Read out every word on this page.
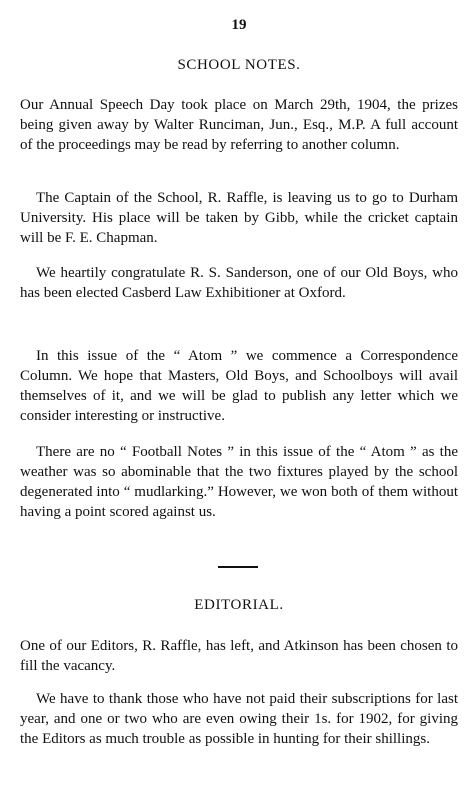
19
SCHOOL NOTES.

Our Annual Speech Day took place on March 29th, 1904, the prizes being given away by Walter Runciman, Jun., Esq., M.P. A full account of the proceedings may be read by referring to another column.

The Captain of the School, R. Raffle, is leaving us to go to Durham University. His place will be taken by Gibb, while the cricket captain will be F. E. Chapman.

We heartily congratulate R. S. Sanderson, one of our Old Boys, who has been elected Casberd Law Exhibitioner at Oxford.

In this issue of the “ Atom ” we commence a Correspondence Column. We hope that Masters, Old Boys, and Schoolboys will avail themselves of it, and we will be glad to publish any letter which we consider interesting or instructive.

There are no “ Football Notes ” in this issue of the “ Atom ” as the weather was so abominable that the two fixtures played by the school degenerated into “ mudlarking.” However, we won both of them without having a point scored against us.

EDITORIAL.

One of our Editors, R. Raffle, has left, and Atkinson has been chosen to fill the vacancy.

We have to thank those who have not paid their subscriptions for last year, and one or two who are even owing their 1s. for 1902, for giving the Editors as much trouble as possible in hunting for their shillings.
